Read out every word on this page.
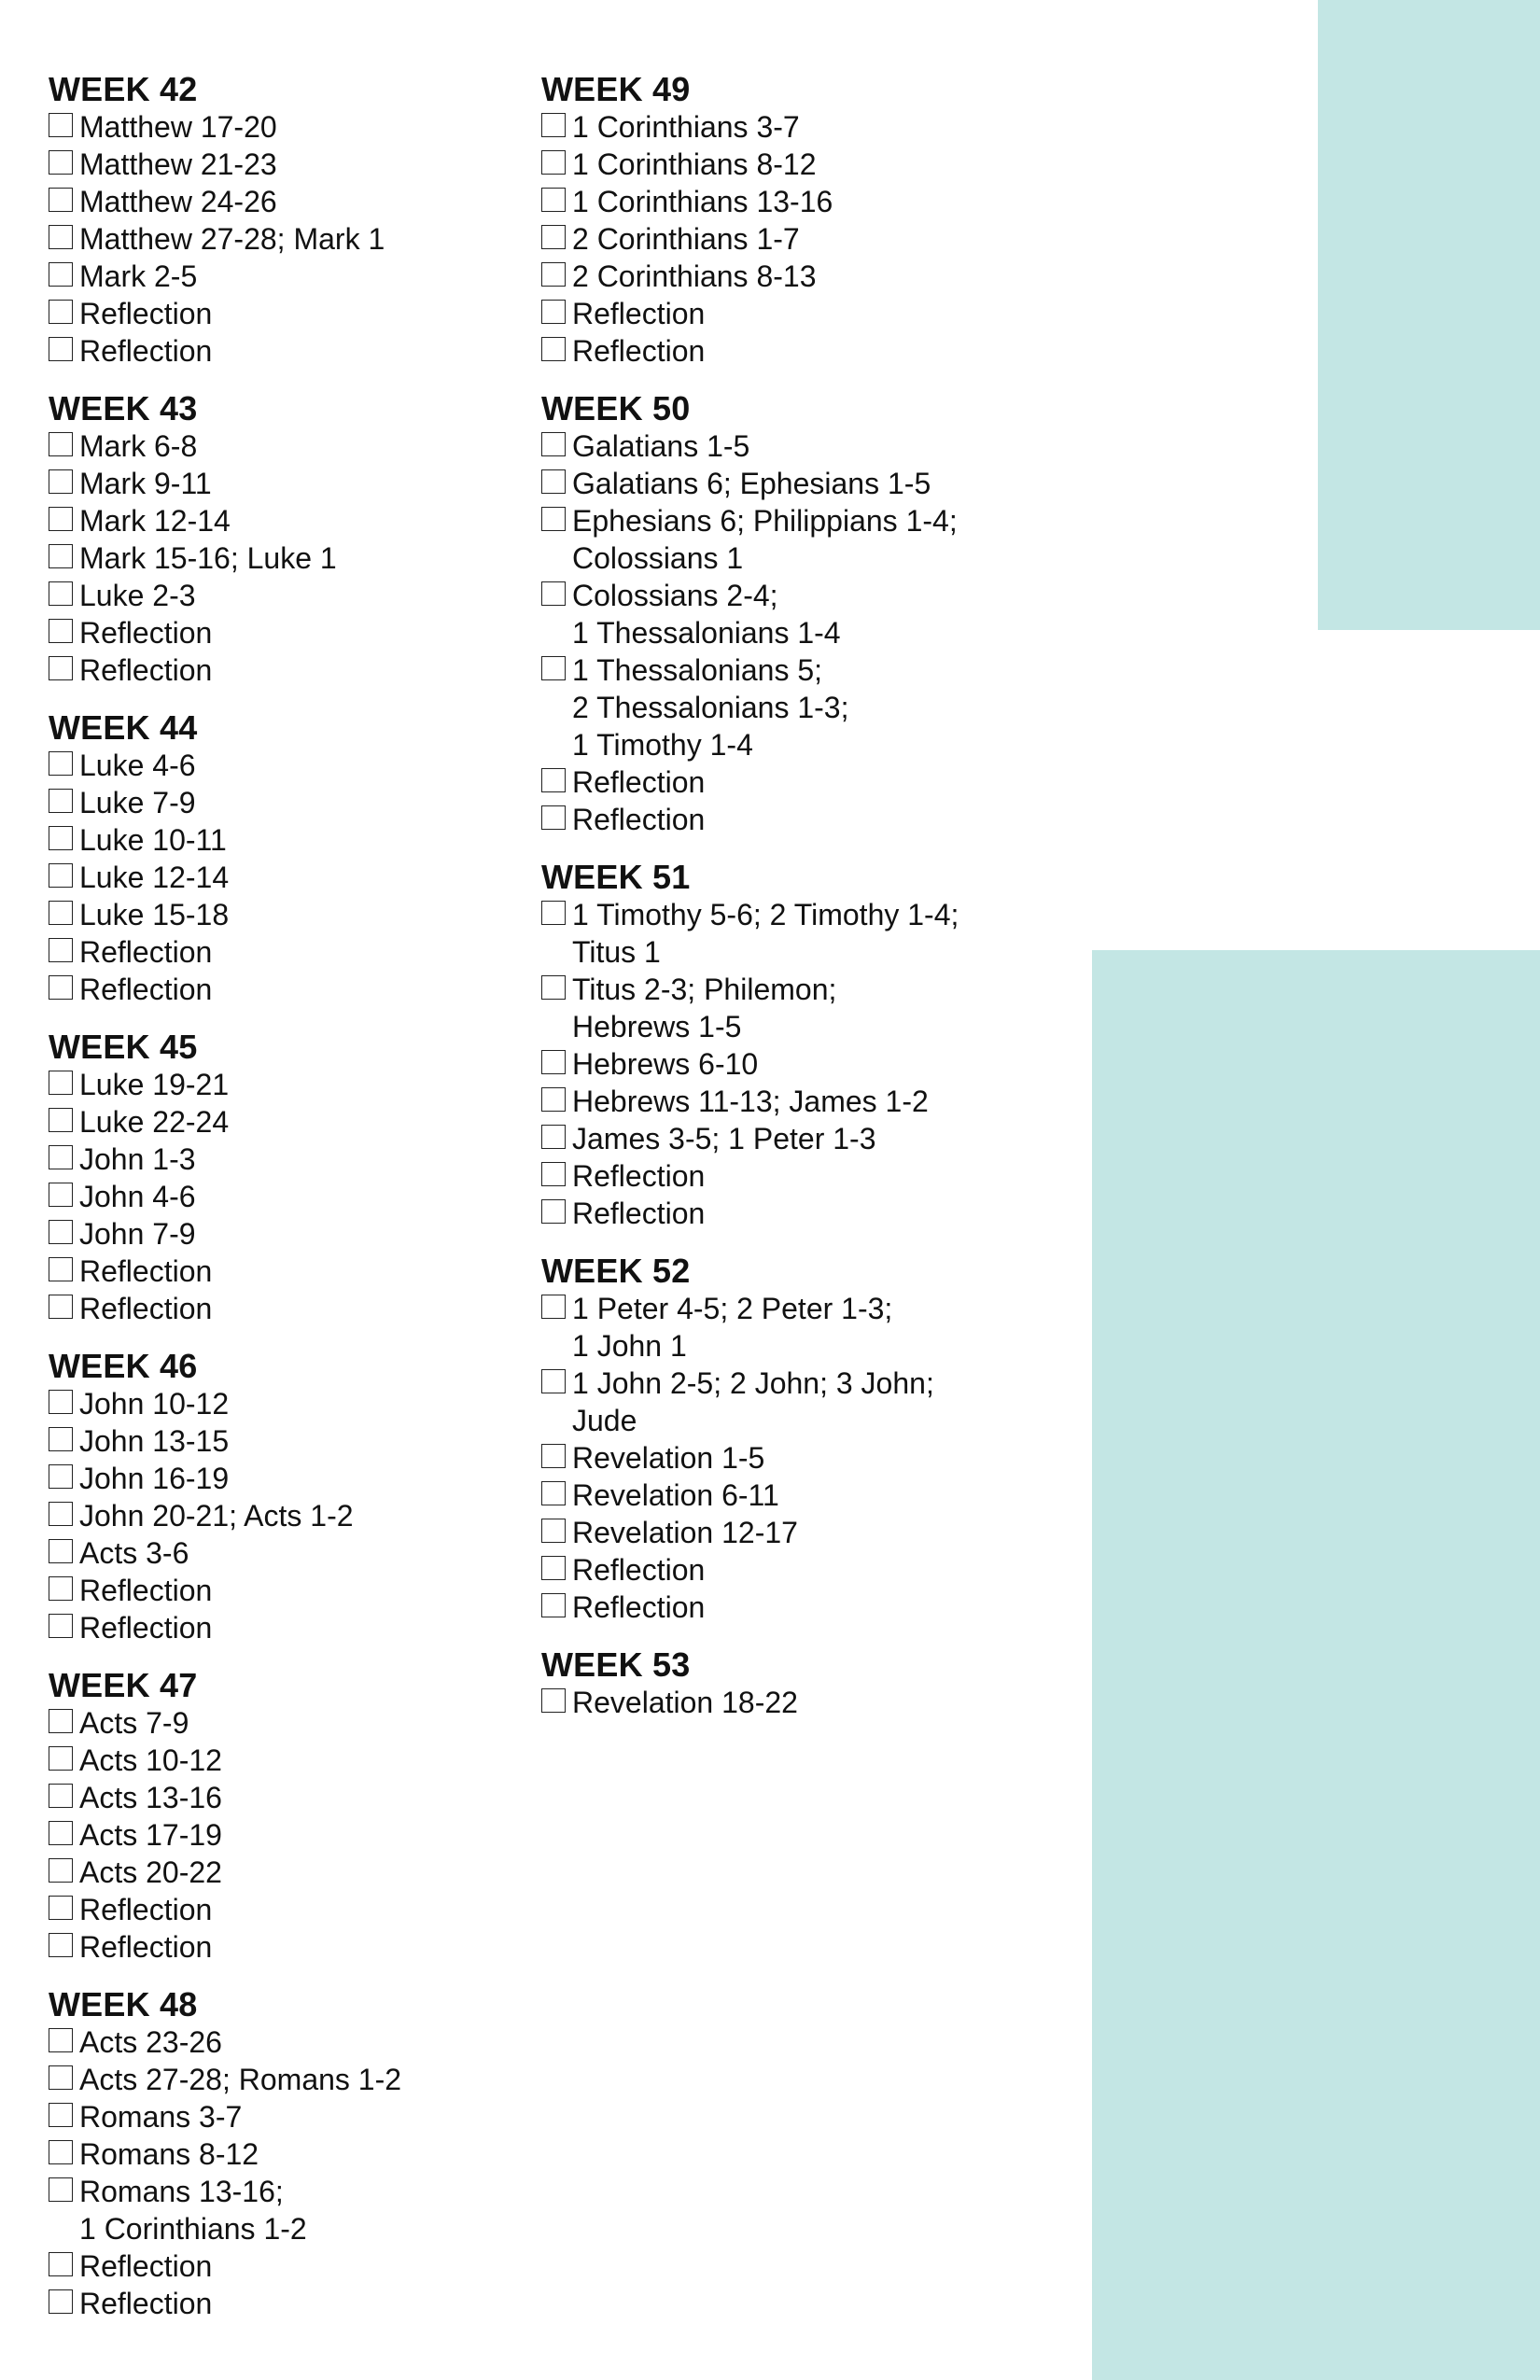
WEEK 42
Matthew 17-20
Matthew 21-23
Matthew 24-26
Matthew 27-28; Mark 1
Mark 2-5
Reflection
Reflection
WEEK 43
Mark 6-8
Mark 9-11
Mark 12-14
Mark 15-16; Luke 1
Luke 2-3
Reflection
Reflection
WEEK 44
Luke 4-6
Luke 7-9
Luke 10-11
Luke 12-14
Luke 15-18
Reflection
Reflection
WEEK 45
Luke 19-21
Luke 22-24
John 1-3
John 4-6
John 7-9
Reflection
Reflection
WEEK 46
John 10-12
John 13-15
John 16-19
John 20-21; Acts 1-2
Acts 3-6
Reflection
Reflection
WEEK 47
Acts 7-9
Acts 10-12
Acts 13-16
Acts 17-19
Acts 20-22
Reflection
Reflection
WEEK 48
Acts 23-26
Acts 27-28; Romans 1-2
Romans 3-7
Romans 8-12
Romans 13-16;
1 Corinthians 1-2
Reflection
Reflection
WEEK 49
1 Corinthians 3-7
1 Corinthians 8-12
1 Corinthians 13-16
2 Corinthians 1-7
2 Corinthians 8-13
Reflection
Reflection
WEEK 50
Galatians 1-5
Galatians 6; Ephesians 1-5
Ephesians 6; Philippians 1-4;
Colossians 1
Colossians 2-4;
1 Thessalonians 1-4
1 Thessalonians 5;
2 Thessalonians 1-3;
1 Timothy 1-4
Reflection
Reflection
WEEK 51
1 Timothy 5-6; 2 Timothy 1-4;
Titus 1
Titus 2-3; Philemon;
Hebrews 1-5
Hebrews 6-10
Hebrews 11-13; James 1-2
James 3-5; 1 Peter 1-3
Reflection
Reflection
WEEK 52
1 Peter 4-5; 2 Peter 1-3;
1 John 1
1 John 2-5; 2 John; 3 John;
Jude
Revelation 1-5
Revelation 6-11
Revelation 12-17
Reflection
Reflection
WEEK 53
Revelation 18-22
